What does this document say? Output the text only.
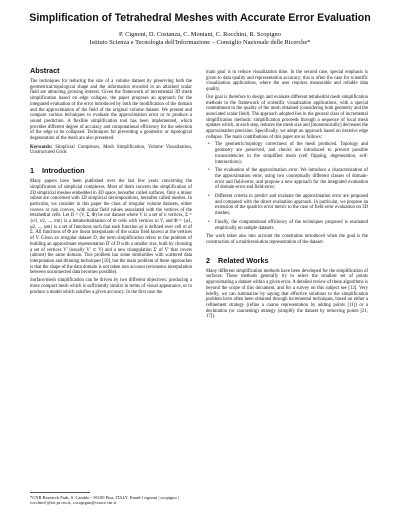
Simplification of Tetrahedral Meshes with Accurate Error Evaluation
P. Cignoni, D. Costanza, C. Montani, C. Rocchini, R. Scopigno
Istituto Scienza e Tecnologia dell'Informazione – Consiglio Nazionale delle Ricerche*
Abstract

The techniques for reducing the size of a volume dataset by preserving both the geometrical/topological shape and the information encoded in an attached scalar field are attracting growing interest. Given the framework of incremental 3D mesh simplification based on edge collapse, the paper proposes an approach for the integrated evaluation of the error introduced by both the modification of the domain and the approximation of the field of the original volume dataset. We present and compare various techniques to evaluate the approximation error or to produce a sound prediction. A flexible simplification tool has been implemented, which provides different degree of accuracy and computational efficiency for the selection of the edge to be collapsed. Techniques for preventing a geometric or topological degeneration of the mesh are also presented.

Keywords: Simplicial Complexes, Mesh Simplification, Volume Visualization, Unstructured Grids

1 Introduction

Many papers have been published over the last few years concerning the simplification of simplicial complexes. Most of them concern the simplification of 2D simplicial meshes embedded in 3D space, hereafter called surfaces. Only a minor subset are concerned with 3D simplicial decompositions, hereafter called meshes. In particular, we consider in this paper the class of irregular volume datasets, either convex or non convex, with scalar field values associated with the vertices of the tetrahedral cells. Let D = (V, Σ, Φ) be our dataset where V is a set of n vertices, Σ = {σ1, σ2, ..., σm} is a tetrahedralization of m cells with vertices in V, and Φ = {φ1, φ2, ..., φm} is a set of functions such that each function φi is defined over cell σi of Σ. All functions of Φ are linear interpolants of the scalar field known at the vertices of V. Given an irregular dataset D, the term simplification refers to the problem of building an approximate representation D' of D with a smaller size, built by choosing a set of vertices V' (usually V' ⊂ V) and a new triangulation Σ' of V' that covers (almost) the same domain. This problem has some similarities with scattered data interpolation and thinning techniques [10], but the main problem of these approaches is that the shape of the data domain is not taken into account (erroneous interpolation between unconnected data becomes possible).

Surface/mesh simplification can be driven by two different objectives: producing a more compact mesh which is sufficiently similar in terms of visual appearance, or to produce a model which satisfies a given accuracy. In the first case the

*CNR Research Park, S. Cataldo - 56100 Pisa, ITALY. Email:{cignoni | scopigno | rocchini}@iei.pi.cnr.it, r.scopigno@cnuce.cnr.it

main goal is to reduce visualization time. In the second case, special emphasis is given to data quality and representation accuracy; this is often the case for scientific visualization applications, where the user requires measurable and reliable data quality.

Our goal is therefore to design and evaluate different tetrahedral mesh simplification methods in the framework of scientific visualization applications, with a special commitment to the quality of the mesh obtained (considering both geometry and the associated scalar field). The approach adopted lies in the general class of incremental simplification methods: simplification proceeds through a sequence of local mesh updates which, at each step, reduces the mesh size and [monotonically] decreases the approximation precision. Specifically, we adopt an approach based on iterative edge collapse. The main contributions of this paper are as follows:

• The geometric/topology correctness of the mesh produced. Topology and geometry are preserved, and checks are introduced to prevent possible inconsistencies in the simplified mesh (cell flipping, degeneration, self-intersections);
• The evaluation of the approximation error. We introduce a characterization of the approximation error, using two conceptually different classes of domain-error and field-error, and propose a new approach for the integrated evaluation of domain-error and field-error;
• Different criteria to predict and evaluate the approximation error are proposed and compared with the direct evaluation approach. In particular, we propose an extension of the quadrics error metric to the case of field error evaluation on 3D meshes;
• Finally, the computational efficiency of the techniques proposed is evaluated empirically on sample datasets.

The work takes also into account the constraints introduced when the goal is the construction of a multiresolution representation of the dataset.

2 Related Works

Many different simplification methods have been developed for the simplification of surfaces. These methods generally try to select the smallest set of points approximating a dataset within a given error. A detailed review of these algorithms is beyond the scope of this document, and for a survey on this subject see [12]. Very briefly, we can summarize by saying that effective solutions to the simplification problem have often been obtained through incremental techniques, based on either a refinement strategy (refine a coarse representation by adding points [11]) or a decimation (or coarsening) strategy (simplify the dataset by removing points [21, 17]).
